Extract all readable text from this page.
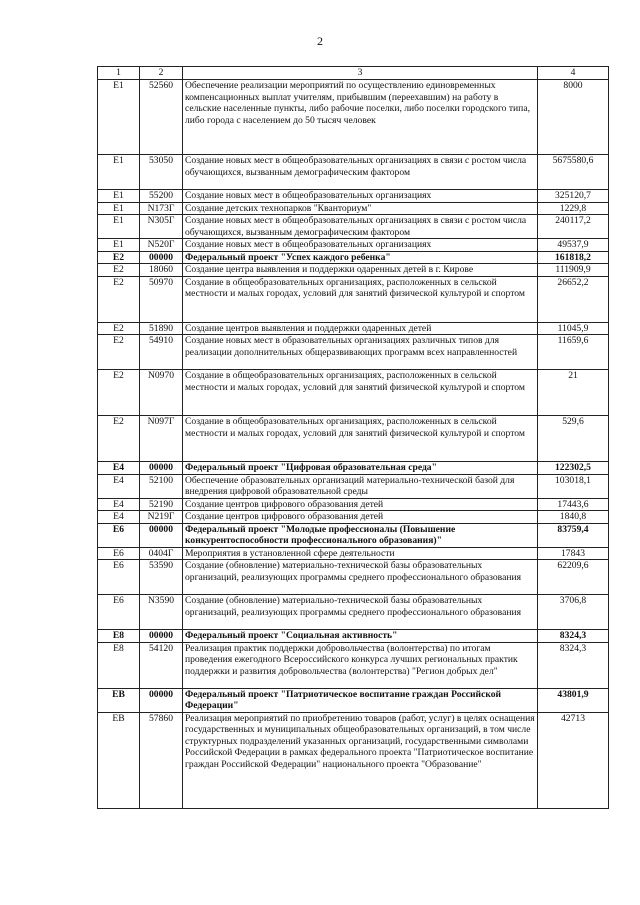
2
1	2	3	4
E1	52560	Обеспечение реализации мероприятий по осуществлению единовременных компенсационных выплат учителям, прибывшим (переехавшим) на работу в сельские населенные пункты, либо рабочие поселки, либо поселки городского типа, либо города с населением до 50 тысяч человек	8000
E1	53050	Создание новых мест в общеобразовательных организациях в связи с ростом числа обучающихся, вызванным демографическим фактором	5675580,6
E1	55200	Создание новых мест в общеобразовательных организациях	325120,7
E1	N173Г	Создание детских технопарков "Кванториум"	1229,8
E1	N305Г	Создание новых мест в общеобразовательных организациях в связи с ростом числа обучающихся, вызванным демографическим фактором	240117,2
E1	N520Г	Создание новых мест в общеобразовательных организациях	49537,9
E2	00000	Федеральный проект "Успех каждого ребенка"	161818,2
E2	18060	Создание центра выявления и поддержки одаренных детей в г. Кирове	111909,9
E2	50970	Создание в общеобразовательных организациях, расположенных в сельской местности и малых городах, условий для занятий физической культурой и спортом	26652,2
E2	51890	Создание центров выявления и поддержки одаренных детей	11045,9
E2	54910	Создание новых мест в образовательных организациях различных типов для реализации дополнительных общеразвивающих программ всех направленностей	11659,6
E2	N0970	Создание в общеобразовательных организациях, расположенных в сельской местности и малых городах, условий для занятий физической культурой и спортом	21
E2	N097Г	Создание в общеобразовательных организациях, расположенных в сельской местности и малых городах, условий для занятий физической культурой и спортом	529,6
E4	00000	Федеральный проект "Цифровая образовательная среда"	122302,5
E4	52100	Обеспечение образовательных организаций материально-технической базой для внедрения цифровой образовательной среды	103018,1
E4	52190	Создание центров цифрового образования детей	17443,6
E4	N219Г	Создание центров цифрового образования детей	1840,8
E6	00000	Федеральный проект "Молодые профессионалы (Повышение конкурентоспособности профессионального образования)"	83759,4
E6	0404Г	Мероприятия в установленной сфере деятельности	17843
E6	53590	Создание (обновление) материально-технической базы образовательных организаций, реализующих программы среднего профессионального образования	62209,6
E6	N3590	Создание (обновление) материально-технической базы образовательных организаций, реализующих программы среднего профессионального образования	3706,8
E8	00000	Федеральный проект "Социальная активность"	8324,3
E8	54120	Реализация практик поддержки добровольчества (волонтерства) по итогам проведения ежегодного Всероссийского конкурса лучших региональных практик поддержки и развития добровольчества (волонтерства) "Регион добрых дел"	8324,3
EB	00000	Федеральный проект "Патриотическое воспитание граждан Российской Федерации"	43801,9
EB	57860	Реализация мероприятий по приобретению товаров (работ, услуг) в целях оснащения государственных и муниципальных общеобразовательных организаций, в том числе структурных подразделений указанных организаций, государственными символами Российской Федерации в рамках федерального проекта "Патриотическое воспитание граждан Российской Федерации" национального проекта "Образование"	42713
